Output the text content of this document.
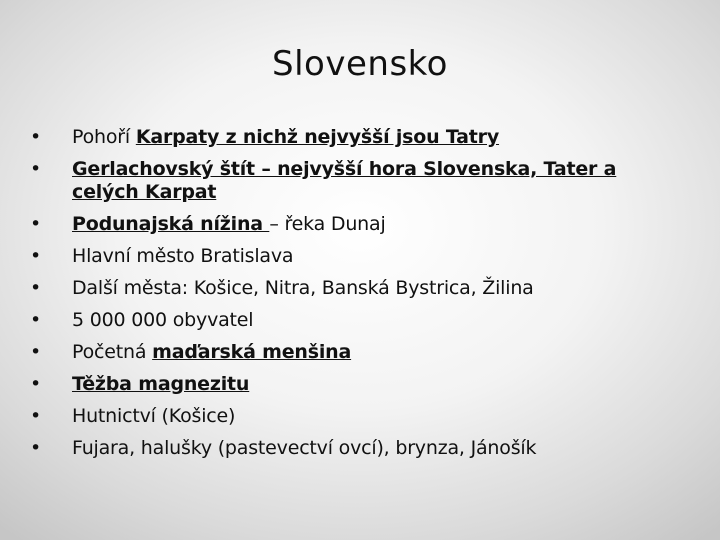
Slovensko
•	Pohoří Karpaty z nichž nejvyšší jsou Tatry
•	Gerlachovský štít – nejvyšší hora Slovenska, Tater a celých Karpat
•	Podunajská nížina – řeka Dunaj
•	Hlavní město Bratislava
•	Další města: Košice, Nitra, Banská Bystrica, Žilina
•	5 000 000 obyvatel
•	Početná maďarská menšina
•	Těžba magnezitu
•	Hutnictví (Košice)
•	Fujara, halušky (pastevectví ovcí), brynza, Jánošík
